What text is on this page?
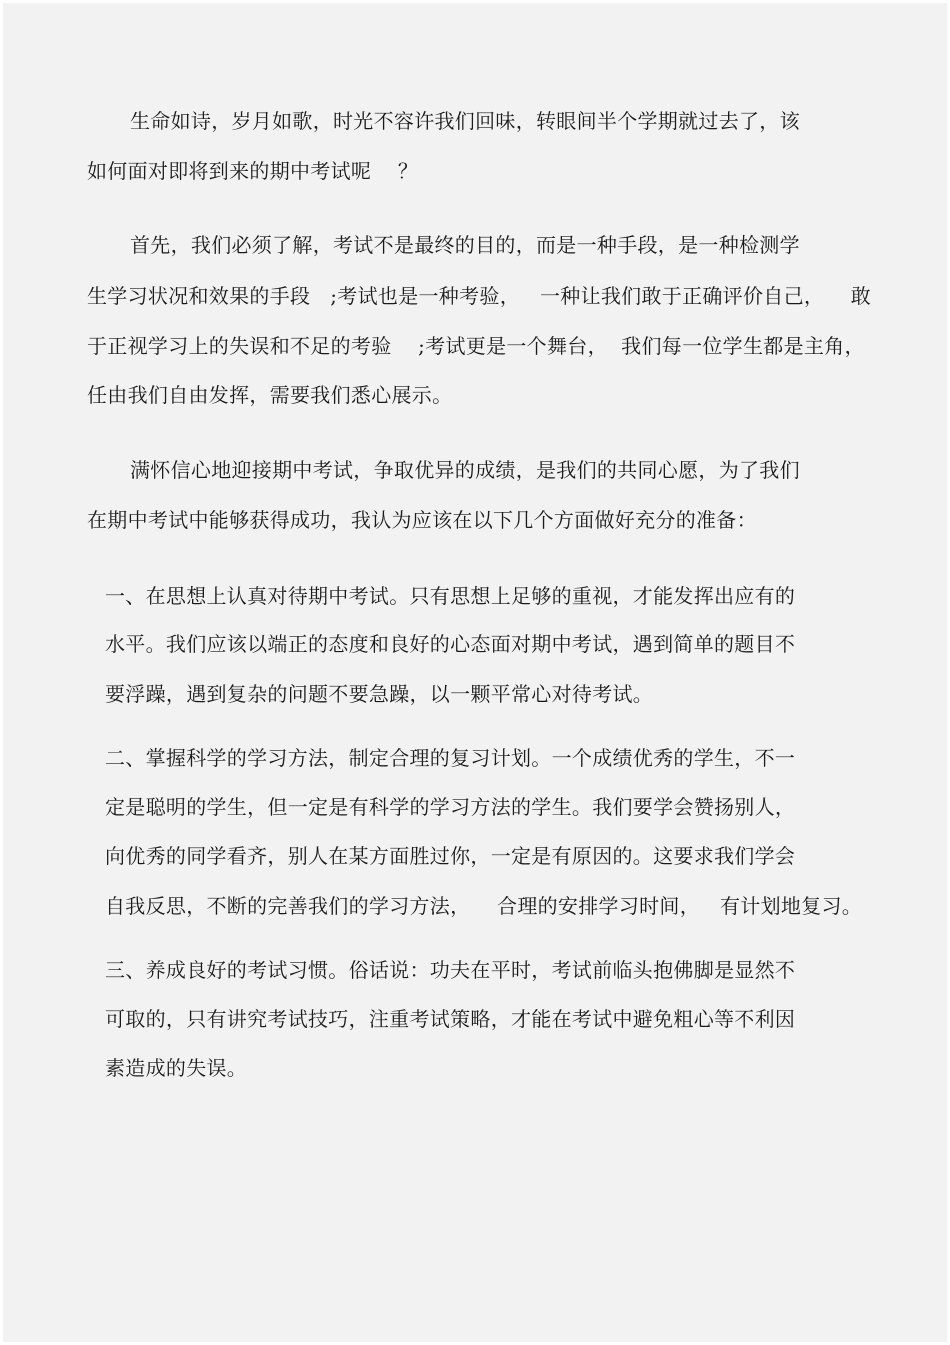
生命如诗，岁月如歌，时光不容许我们回味，转眼间半个学期就过去了，该
如何面对即将到来的期中考试呢    ？
首先，我们必须了解，考试不是最终的目的，而是一种手段，是一种检测学
生学习状况和效果的手段   ;考试也是一种考验，   一种让我们敢于正确评价自己，    敢
于正视学习上的失误和不足的考验    ;考试更是一个舞台，  我们每一位学生都是主角，
任由我们自由发挥，需要我们悉心展示。
满怀信心地迎接期中考试，争取优异的成绩，是我们的共同心愿，为了我们
在期中考试中能够获得成功，我认为应该在以下几个方面做好充分的准备：
一、在思想上认真对待期中考试。只有思想上足够的重视，才能发挥出应有的
水平。我们应该以端正的态度和良好的心态面对期中考试，遇到简单的题目不
要浮躁，遇到复杂的问题不要急躁，以一颗平常心对待考试。
二、掌握科学的学习方法，制定合理的复习计划。一个成绩优秀的学生，不一
定是聪明的学生，但一定是有科学的学习方法的学生。我们要学会赞扬别人，
向优秀的同学看齐，别人在某方面胜过你，一定是有原因的。这要求我们学会
自我反思，不断的完善我们的学习方法，    合理的安排学习时间，   有计划地复习。
三、养成良好的考试习惯。俗话说：功夫在平时，考试前临头抱佛脚是显然不
可取的，只有讲究考试技巧，注重考试策略，才能在考试中避免粗心等不利因
素造成的失误。
